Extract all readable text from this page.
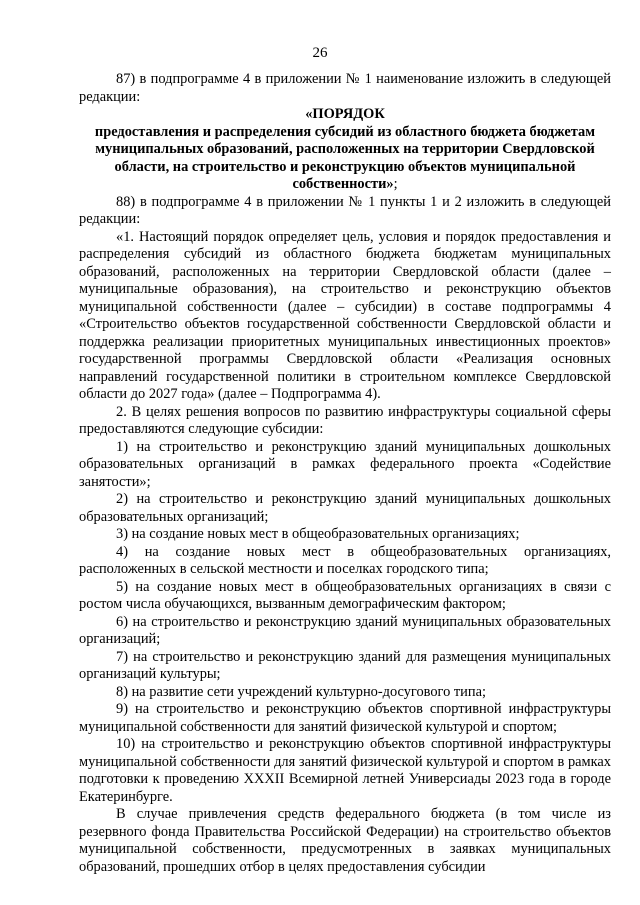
26

87) в подпрограмме 4 в приложении № 1 наименование изложить в следующей редакции:

«ПОРЯДОК
предоставления и распределения субсидий из областного бюджета бюджетам муниципальных образований, расположенных на территории Свердловской области, на строительство и реконструкцию объектов муниципальной собственности»;

88) в подпрограмме 4 в приложении № 1 пункты 1 и 2 изложить в следующей редакции:

«1. Настоящий порядок определяет цель, условия и порядок предоставления и распределения субсидий из областного бюджета бюджетам муниципальных образований, расположенных на территории Свердловской области (далее – муниципальные образования), на строительство и реконструкцию объектов муниципальной собственности (далее – субсидии) в составе подпрограммы 4 «Строительство объектов государственной собственности Свердловской области и поддержка реализации приоритетных муниципальных инвестиционных проектов» государственной программы Свердловской области «Реализация основных направлений государственной политики в строительном комплексе Свердловской области до 2027 года» (далее – Подпрограмма 4).

2. В целях решения вопросов по развитию инфраструктуры социальной сферы предоставляются следующие субсидии:

1) на строительство и реконструкцию зданий муниципальных дошкольных образовательных организаций в рамках федерального проекта «Содействие занятости»;

2) на строительство и реконструкцию зданий муниципальных дошкольных образовательных организаций;

3) на создание новых мест в общеобразовательных организациях;

4) на создание новых мест в общеобразовательных организациях, расположенных в сельской местности и поселках городского типа;

5) на создание новых мест в общеобразовательных организациях в связи с ростом числа обучающихся, вызванным демографическим фактором;

6) на строительство и реконструкцию зданий муниципальных образовательных организаций;

7) на строительство и реконструкцию зданий для размещения муниципальных организаций культуры;

8) на развитие сети учреждений культурно-досугового типа;

9) на строительство и реконструкцию объектов спортивной инфраструктуры муниципальной собственности для занятий физической культурой и спортом;

10) на строительство и реконструкцию объектов спортивной инфраструктуры муниципальной собственности для занятий физической культурой и спортом в рамках подготовки к проведению XXXII Всемирной летней Универсиады 2023 года в городе Екатеринбурге.

В случае привлечения средств федерального бюджета (в том числе из резервного фонда Правительства Российской Федерации) на строительство объектов муниципальной собственности, предусмотренных в заявках муниципальных образований, прошедших отбор в целях предоставления субсидии
